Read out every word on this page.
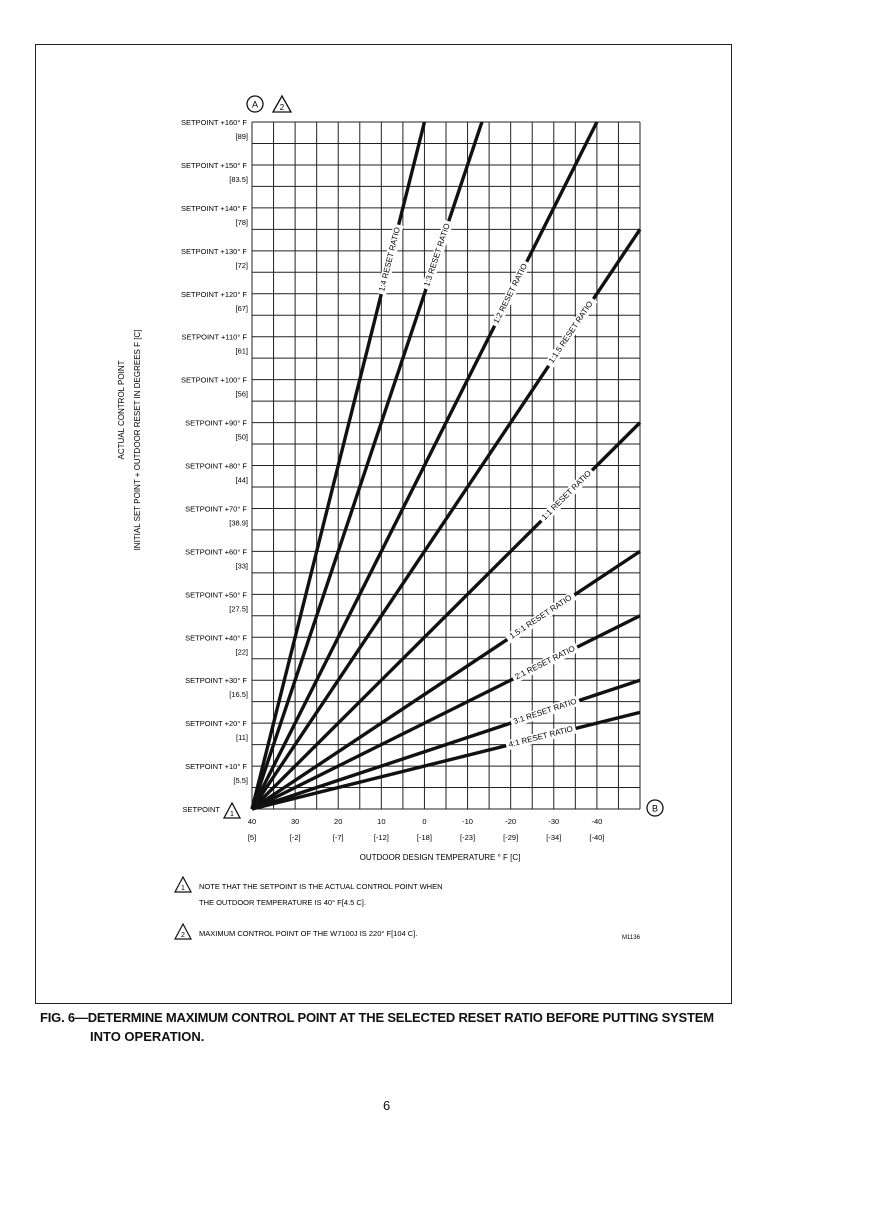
SETPOINT +160° F
[89]
SETPOINT +150° F
[83.5]
SETPOINT +140° F
[78]
SETPOINT +130° F
[72]
SETPOINT +120° F
[67]
SETPOINT +110° F
[61]
SETPOINT +100° F
[56]
SETPOINT +90° F
[50]
SETPOINT +80° F
[44]
SETPOINT +70° F
[38.9]
SETPOINT +60° F
[33]
SETPOINT +50° F
[27.5]
SETPOINT +40° F
[22]
SETPOINT +30° F
[16.5]
SETPOINT +20° F
[11]
SETPOINT +10° F
[5.5]
SETPOINT
40
[5]
30
[-2]
20
[-7]
10
[-12]
0
[-18]
-10
[-23]
-20
[-29]
-30
[-34]
-40
[-40]
1:4 RESET RATIO	1:3 RESET RATIO
1:2 RESET RATIO
1:1.5 RESET RATIO
1:1 RESET RATIO
1.5:1 RESET RATIO
2:1 RESET RATIO
3:1 RESET RATIO
4:1 RESET RATIO
OUTDOOR DESIGN TEMPERATURE ° F [C]
ACTUAL CONTROL POINT INITIAL SET POINT + OUTDOOR RESET IN DEGREES F [C]
A	2
1
B
1 NOTE THAT THE SETPOINT IS THE ACTUAL CONTROL POINT WHEN
THE OUTDOOR TEMPERATURE IS 40° F[4.5 C].
2 MAXIMUM CONTROL POINT OF THE W7100J IS 220° F[104 C].	M1136
FIG. 6—DETERMINE MAXIMUM CONTROL POINT AT THE SELECTED RESET RATIO BEFORE PUTTING SYSTEM
INTO OPERATION.
6
